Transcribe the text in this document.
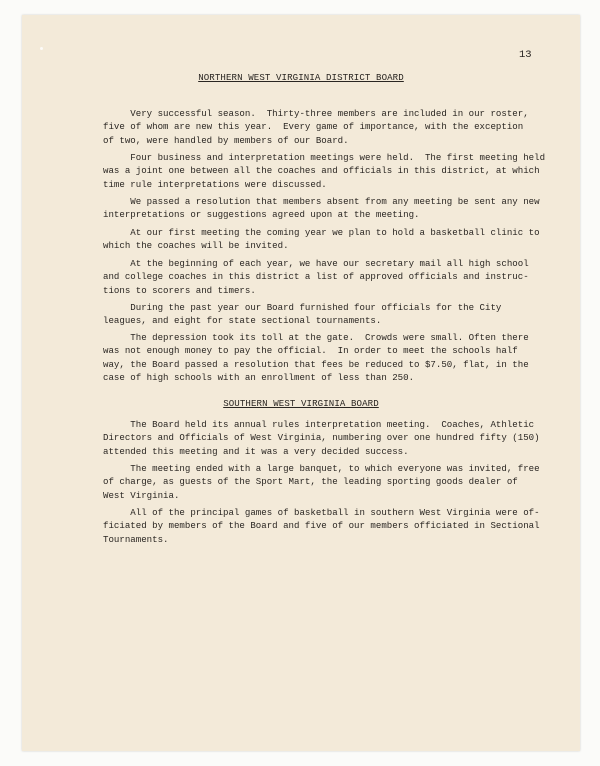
13

NORTHERN WEST VIRGINIA DISTRICT BOARD

Very successful season.  Thirty-three members are included in our roster,
five of whom are new this year.  Every game of importance, with the exception
of two, were handled by members of our Board.

Four business and interpretation meetings were held.  The first meeting held
was a joint one between all the coaches and officials in this district, at which
time rule interpretations were discussed.

We passed a resolution that members absent from any meeting be sent any new
interpretations or suggestions agreed upon at the meeting.

At our first meeting the coming year we plan to hold a basketball clinic to
which the coaches will be invited.

At the beginning of each year, we have our secretary mail all high school
and college coaches in this district a list of approved officials and instruc-
tions to scorers and timers.

During the past year our Board furnished four officials for the City
leagues, and eight for state sectional tournaments.

The depression took its toll at the gate.  Crowds were small. Often there
was not enough money to pay the official.  In order to meet the schools half
way, the Board passed a resolution that fees be reduced to $7.50, flat, in the
case of high schools with an enrollment of less than 250.

SOUTHERN WEST VIRGINIA BOARD

The Board held its annual rules interpretation meeting.  Coaches, Athletic
Directors and Officials of West Virginia, numbering over one hundred fifty (150)
attended this meeting and it was a very decided success.

The meeting ended with a large banquet, to which everyone was invited, free
of charge, as guests of the Sport Mart, the leading sporting goods dealer of
West Virginia.

All of the principal games of basketball in southern West Virginia were of-
ficiated by members of the Board and five of our members officiated in Sectional
Tournaments.
